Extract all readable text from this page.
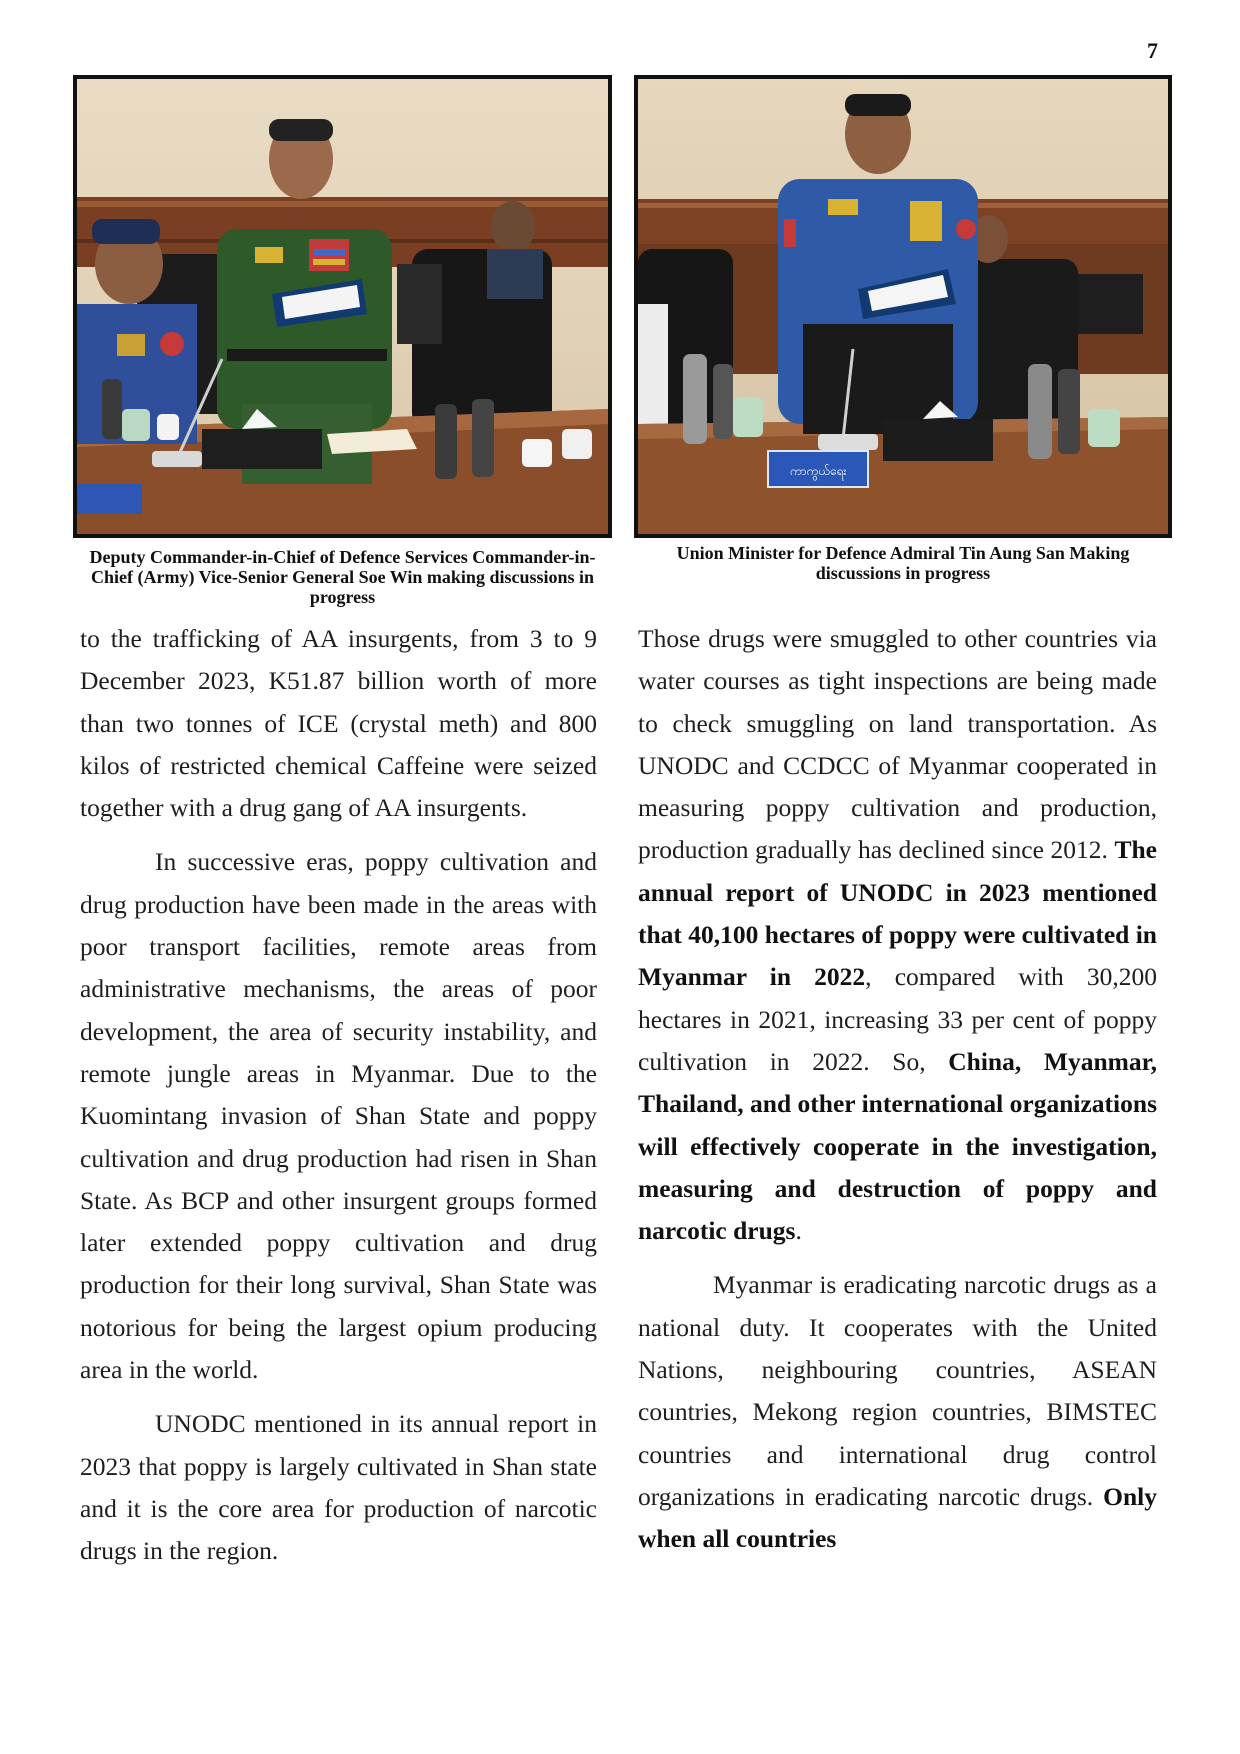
7
ကာကွယ်ရေး
Deputy Commander-in-Chief of Defence Services Commander-in-Chief (Army) Vice-Senior General Soe Win making discussions in progress
Union Minister for Defence Admiral Tin Aung San Making discussions in progress

to the trafficking of AA insurgents, from 3 to 9 December 2023, K51.87 billion worth of more than two tonnes of ICE (crystal meth) and 800 kilos of restricted chemical Caffeine were seized together with a drug gang of AA insurgents.

In successive eras, poppy cultivation and drug production have been made in the areas with poor transport facilities, remote areas from administrative mechanisms, the areas of poor development, the area of security instability, and remote jungle areas in Myanmar. Due to the Kuomintang invasion of Shan State and poppy cultivation and drug production had risen in Shan State. As BCP and other insurgent groups formed later extended poppy cultivation and drug production for their long survival, Shan State was notorious for being the largest opium producing area in the world.

UNODC mentioned in its annual report in 2023 that poppy is largely cultivated in Shan state and it is the core area for production of narcotic drugs in the region.

Those drugs were smuggled to other countries via water courses as tight inspections are being made to check smuggling on land transportation. As UNODC and CCDCC of Myanmar cooperated in measuring poppy cultivation and production, production gradually has declined since 2012. The annual report of UNODC in 2023 mentioned that 40,100 hectares of poppy were cultivated in Myanmar in 2022, compared with 30,200 hectares in 2021, increasing 33 per cent of poppy cultivation in 2022. So, China, Myanmar, Thailand, and other international organizations will effectively cooperate in the investigation, measuring and destruction of poppy and narcotic drugs.

Myanmar is eradicating narcotic drugs as a national duty. It cooperates with the United Nations, neighbouring countries, ASEAN countries, Mekong region countries, BIMSTEC countries and international drug control organizations in eradicating narcotic drugs. Only when all countries
